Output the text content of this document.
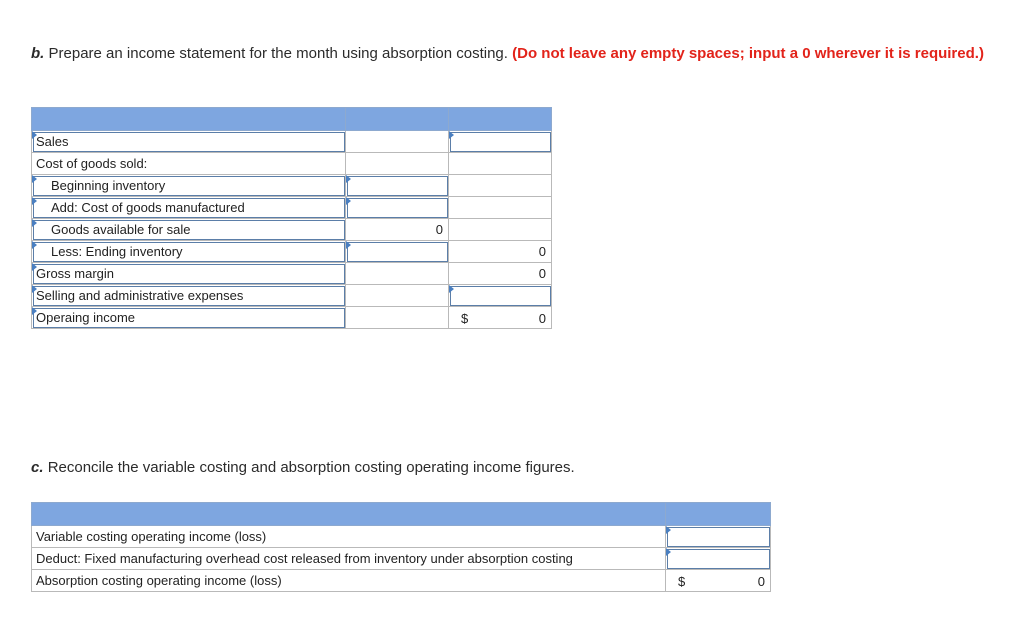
b. Prepare an income statement for the month using absorption costing. (Do not leave any empty spaces; input a 0 wherever it is required.)

Sales		

Cost of goods sold:		

Beginning inventory	

Add: Cost of goods manufactured	

Goods available for sale	0	

Less: Ending inventory		0

Gross margin		0

Selling and administrative expenses		

Operaing income		$ 0
c. Reconcile the variable costing and absorption costing operating income figures.

Variable costing operating income (loss)	

Deduct: Fixed manufacturing overhead cost released from inventory under absorption costing	

Absorption costing operating income (loss)	$ 0
